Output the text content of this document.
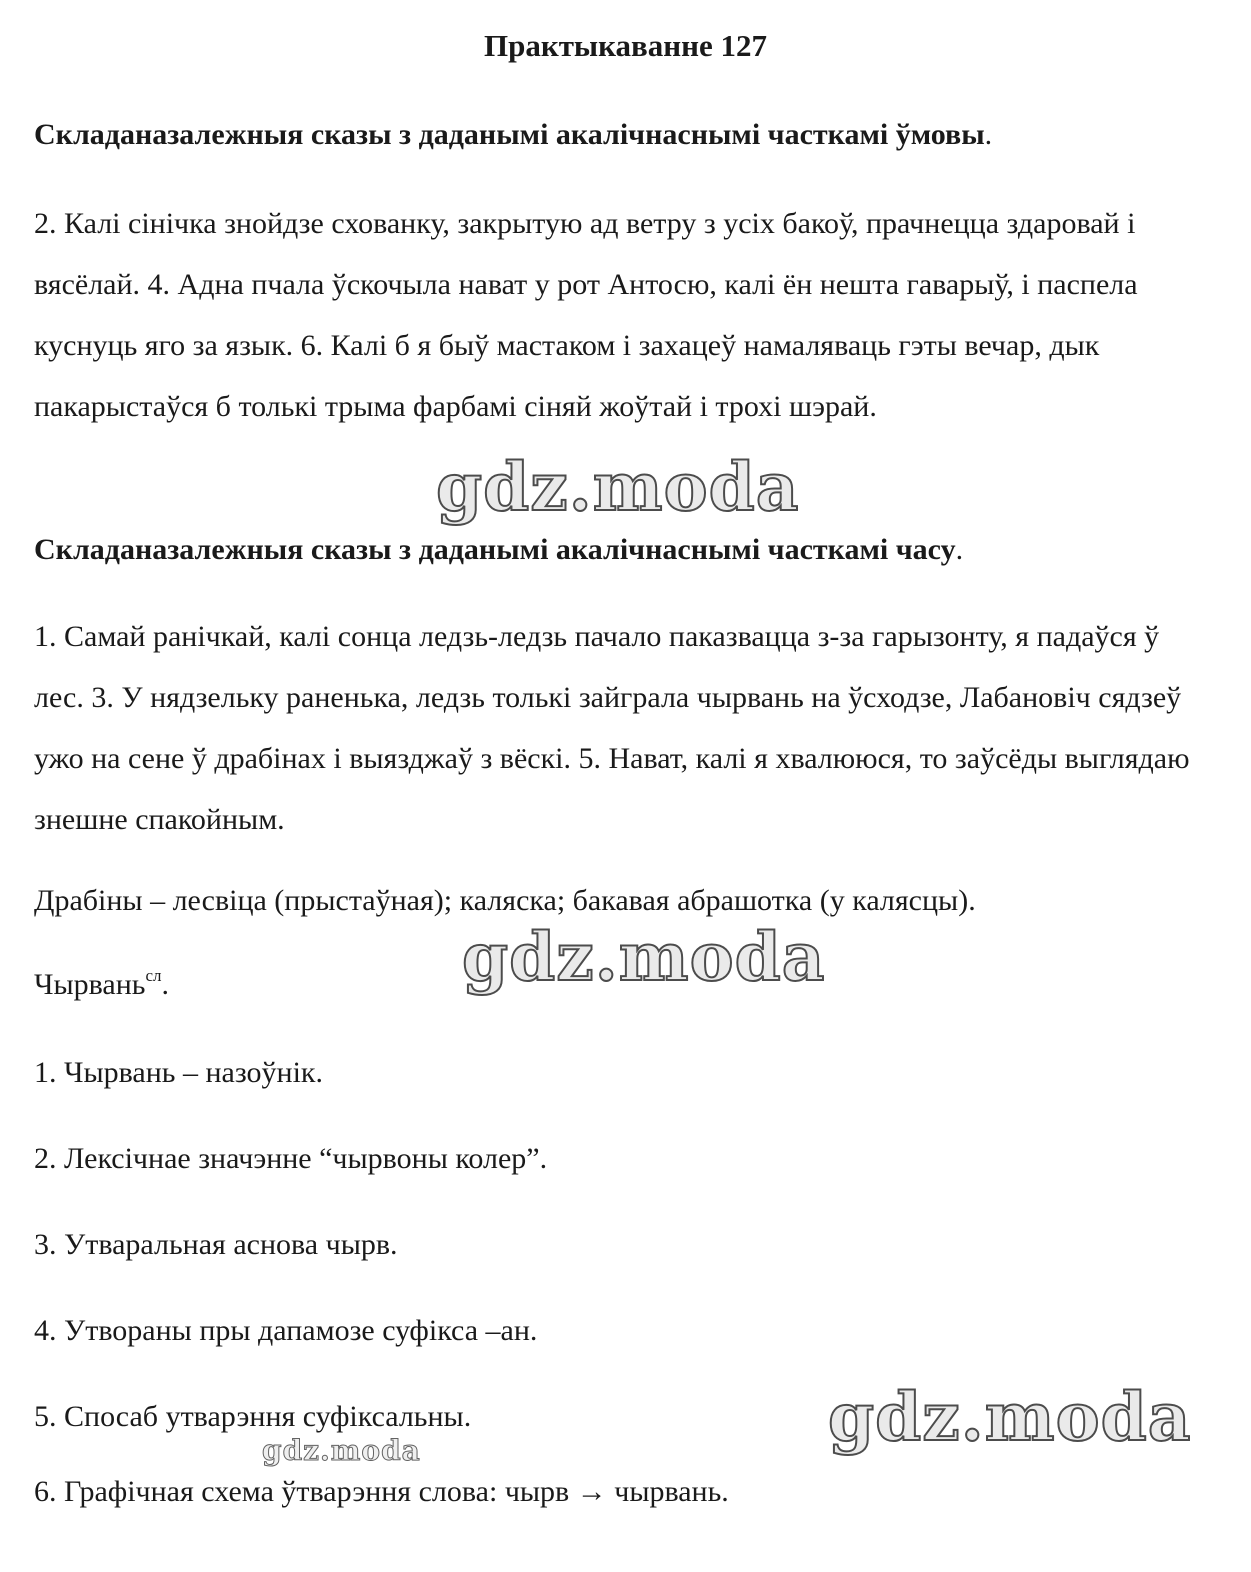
Практыкаванне 127

Складаназалежныя сказы з даданымі акалічнаснымі часткамі ўмовы.

2. Калі сінічка знойдзе схованку, закрытую ад ветру з усіх бакоў, прачнецца здаровай і вясёлай. 4. Адна пчала ўскочыла нават у рот Антосю, калі ён нешта гаварыў, і паспела куснуць яго за язык. 6. Калі б я быў мастаком і захацеў намаляваць гэты вечар, дык пакарыстаўся б толькі трыма фарбамі сіняй жоўтай і трохі шэрай.

Складаназалежныя сказы з даданымі акалічнаснымі часткамі часу.

1. Самай ранічкай, калі сонца ледзь-ледзь пачало паказвацца з-за гарызонту, я падаўся ў лес. 3. У нядзельку раненька, ледзь толькі зайграла чырвань на ўсходзе, Лабановіч сядзеў ужо на сене ў драбінах і выязджаў з вёскі. 5. Нават, калі я хвалююся, то заўсёды выглядаю знешне спакойным.

Драбіны – лесвіца (прыстаўная); каляска; бакавая абрашотка (у калясцы).

Чырвань$^{сл}$.

1. Чырвань – назоўнік.

2. Лексічнае значэнне “чырвоны колер”.

3. Утваральная аснова чырв.

4. Утвораны пры дапамозе суфікса –ан.

5. Спосаб утварэння суфіксальны.

6. Графічная схема ўтварэння слова: чырв → чырвань.

gdz.moda
gdz.moda
gdz.moda
gdz.moda
